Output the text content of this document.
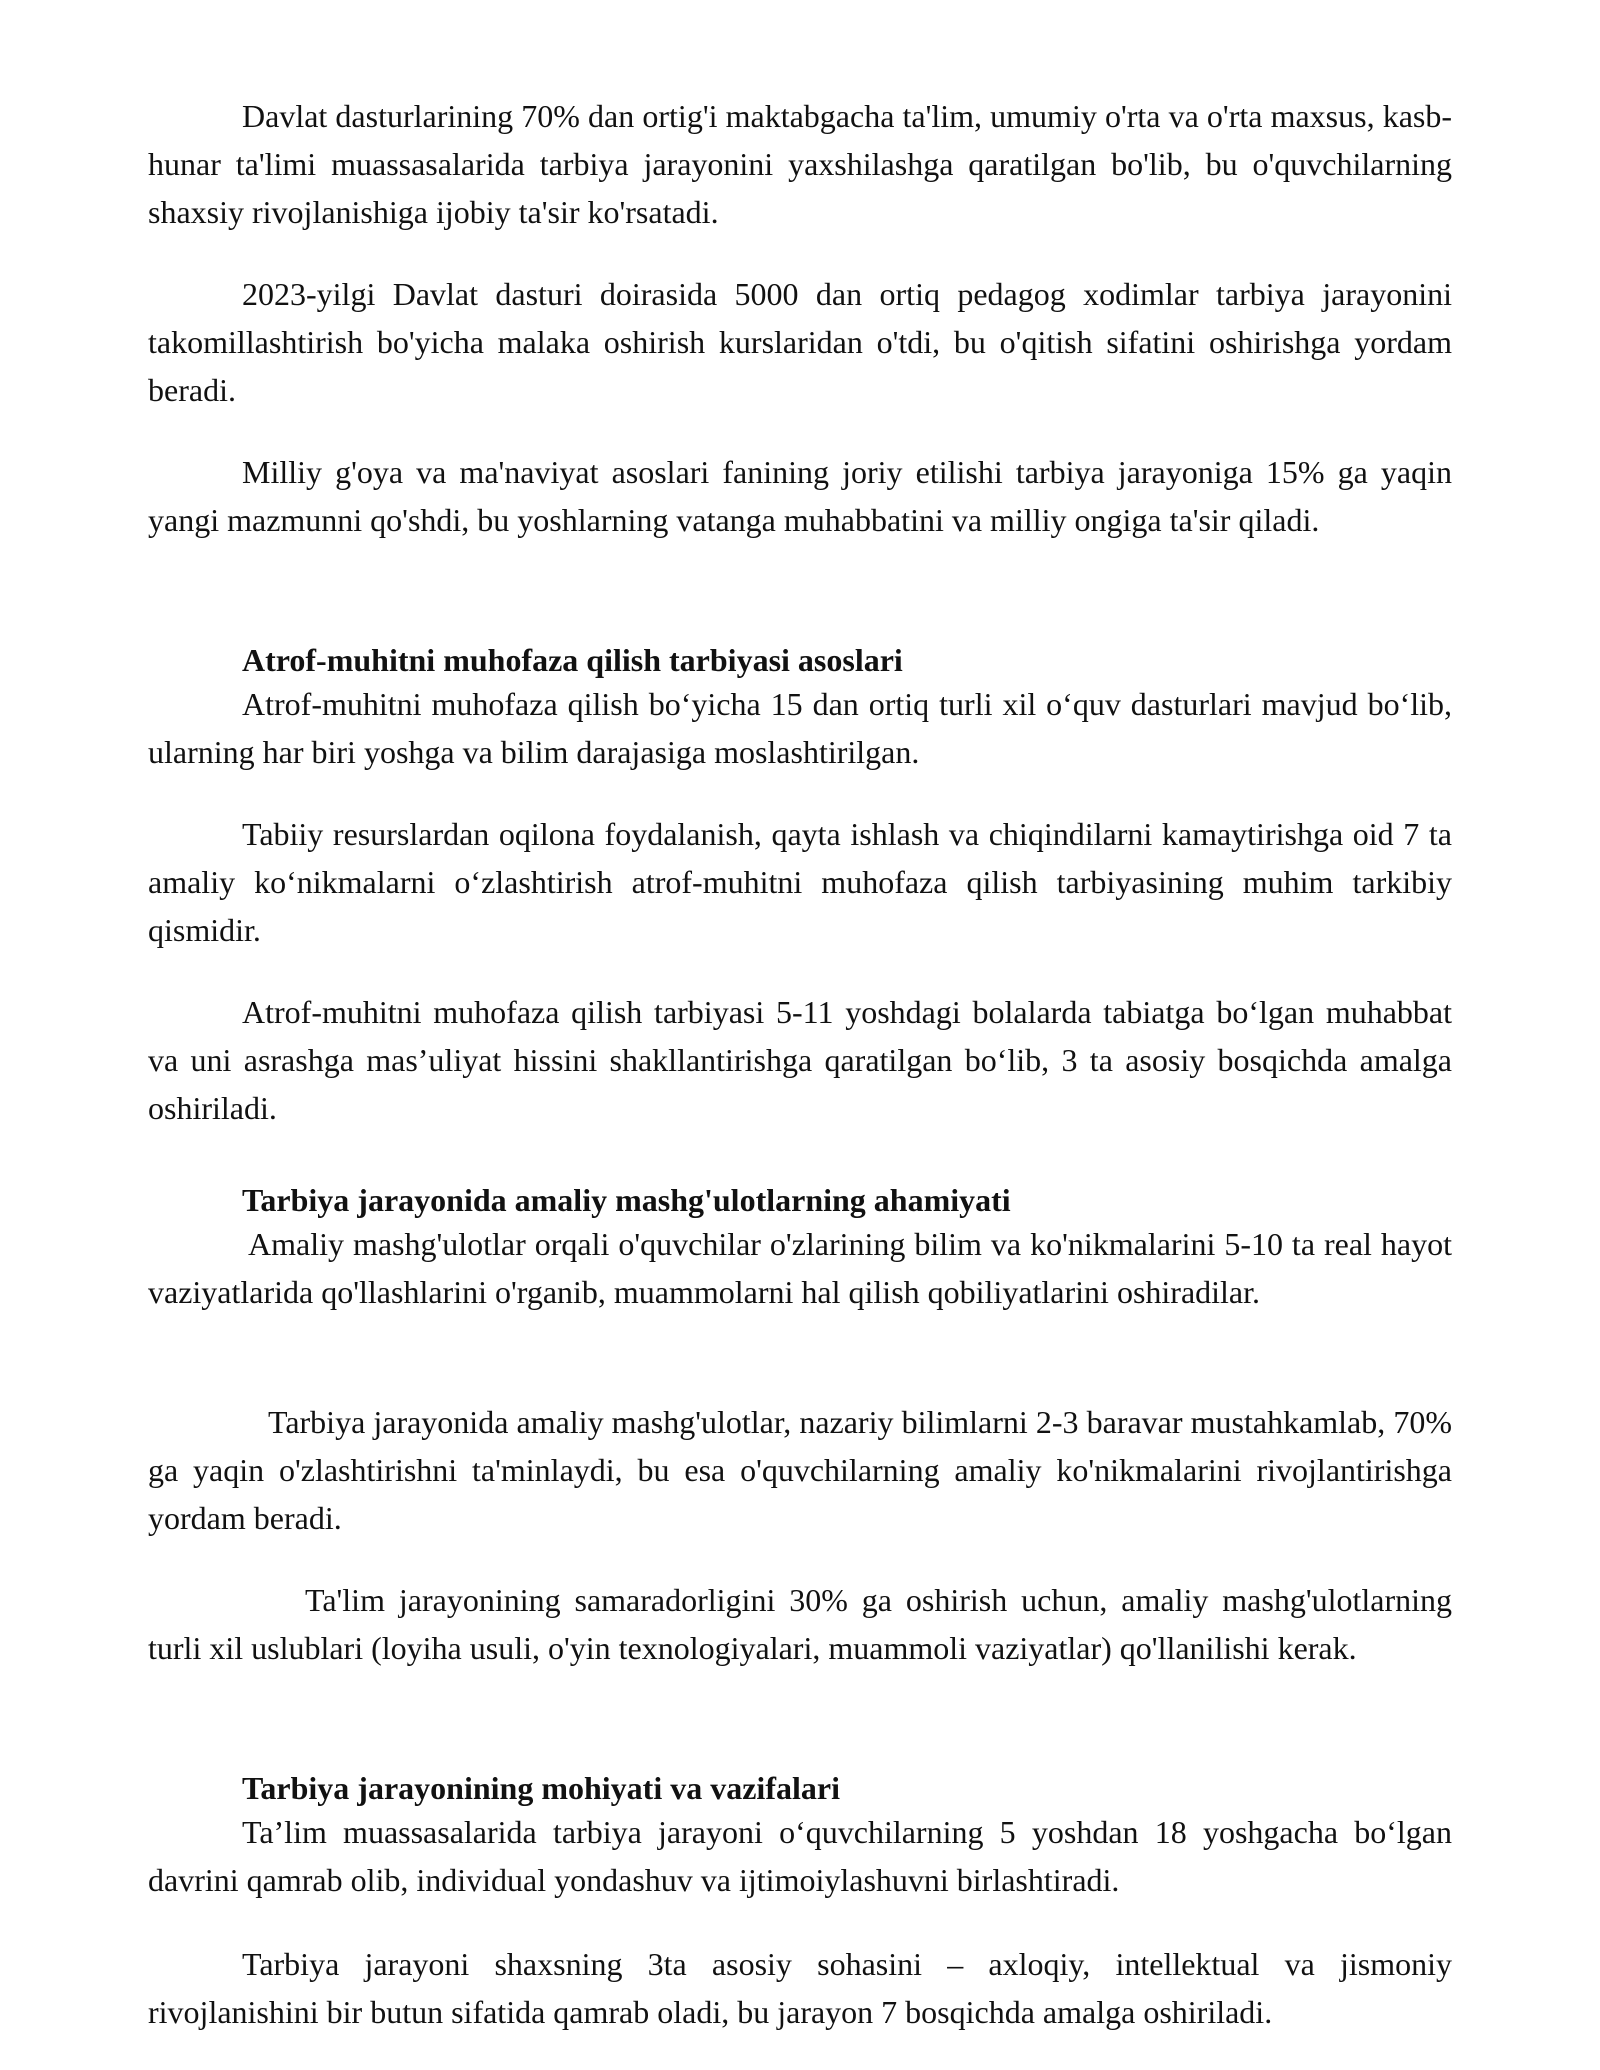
Davlat dasturlarining 70% dan ortig'i maktabgacha ta'lim, umumiy o'rta va o'rta maxsus, kasb-hunar ta'limi muassasalarida tarbiya jarayonini yaxshilashga qaratilgan bo'lib, bu o'quvchilarning shaxsiy rivojlanishiga ijobiy ta'sir ko'rsatadi.

2023-yilgi Davlat dasturi doirasida 5000 dan ortiq pedagog xodimlar tarbiya jarayonini takomillashtirish bo'yicha malaka oshirish kurslaridan o'tdi, bu o'qitish sifatini oshirishga yordam beradi.

Milliy g'oya va ma'naviyat asoslari fanining joriy etilishi tarbiya jarayoniga 15% ga yaqin yangi mazmunni qo'shdi, bu yoshlarning vatanga muhabbatini va milliy ongiga ta'sir qiladi.

Atrof-muhitni muhofaza qilish tarbiyasi asoslari

Atrof-muhitni muhofaza qilish bo‘yicha 15 dan ortiq turli xil o‘quv dasturlari mavjud bo‘lib, ularning har biri yoshga va bilim darajasiga moslashtirilgan.

Tabiiy resurslardan oqilona foydalanish, qayta ishlash va chiqindilarni kamaytirishga oid 7 ta amaliy ko‘nikmalarni o‘zlashtirish atrof-muhitni muhofaza qilish tarbiyasining muhim tarkibiy qismidir.

Atrof-muhitni muhofaza qilish tarbiyasi 5-11 yoshdagi bolalarda tabiatga bo‘lgan muhabbat va uni asrashga mas’uliyat hissini shakllantirishga qaratilgan bo‘lib, 3 ta asosiy bosqichda amalga oshiriladi.

Tarbiya jarayonida amaliy mashg'ulotlarning ahamiyati

Amaliy mashg'ulotlar orqali o'quvchilar o'zlarining bilim va ko'nikmalarini 5-10 ta real hayot vaziyatlarida qo'llashlarini o'rganib, muammolarni hal qilish qobiliyatlarini oshiradilar.

Tarbiya jarayonida amaliy mashg'ulotlar, nazariy bilimlarni 2-3 baravar mustahkamlab, 70% ga yaqin o'zlashtirishni ta'minlaydi, bu esa o'quvchilarning amaliy ko'nikmalarini rivojlantirishga yordam beradi.

Ta'lim jarayonining samaradorligini 30% ga oshirish uchun, amaliy mashg'ulotlarning turli xil uslublari (loyiha usuli, o'yin texnologiyalari, muammoli vaziyatlar) qo'llanilishi kerak.

Tarbiya jarayonining mohiyati va vazifalari

Ta’lim muassasalarida tarbiya jarayoni o‘quvchilarning 5 yoshdan 18 yoshgacha bo‘lgan davrini qamrab olib, individual yondashuv va ijtimoiylashuvni birlashtiradi.

Tarbiya jarayoni shaxsning 3ta asosiy sohasini – axloqiy, intellektual va jismoniy rivojlanishini bir butun sifatida qamrab oladi, bu jarayon 7 bosqichda amalga oshiriladi.
